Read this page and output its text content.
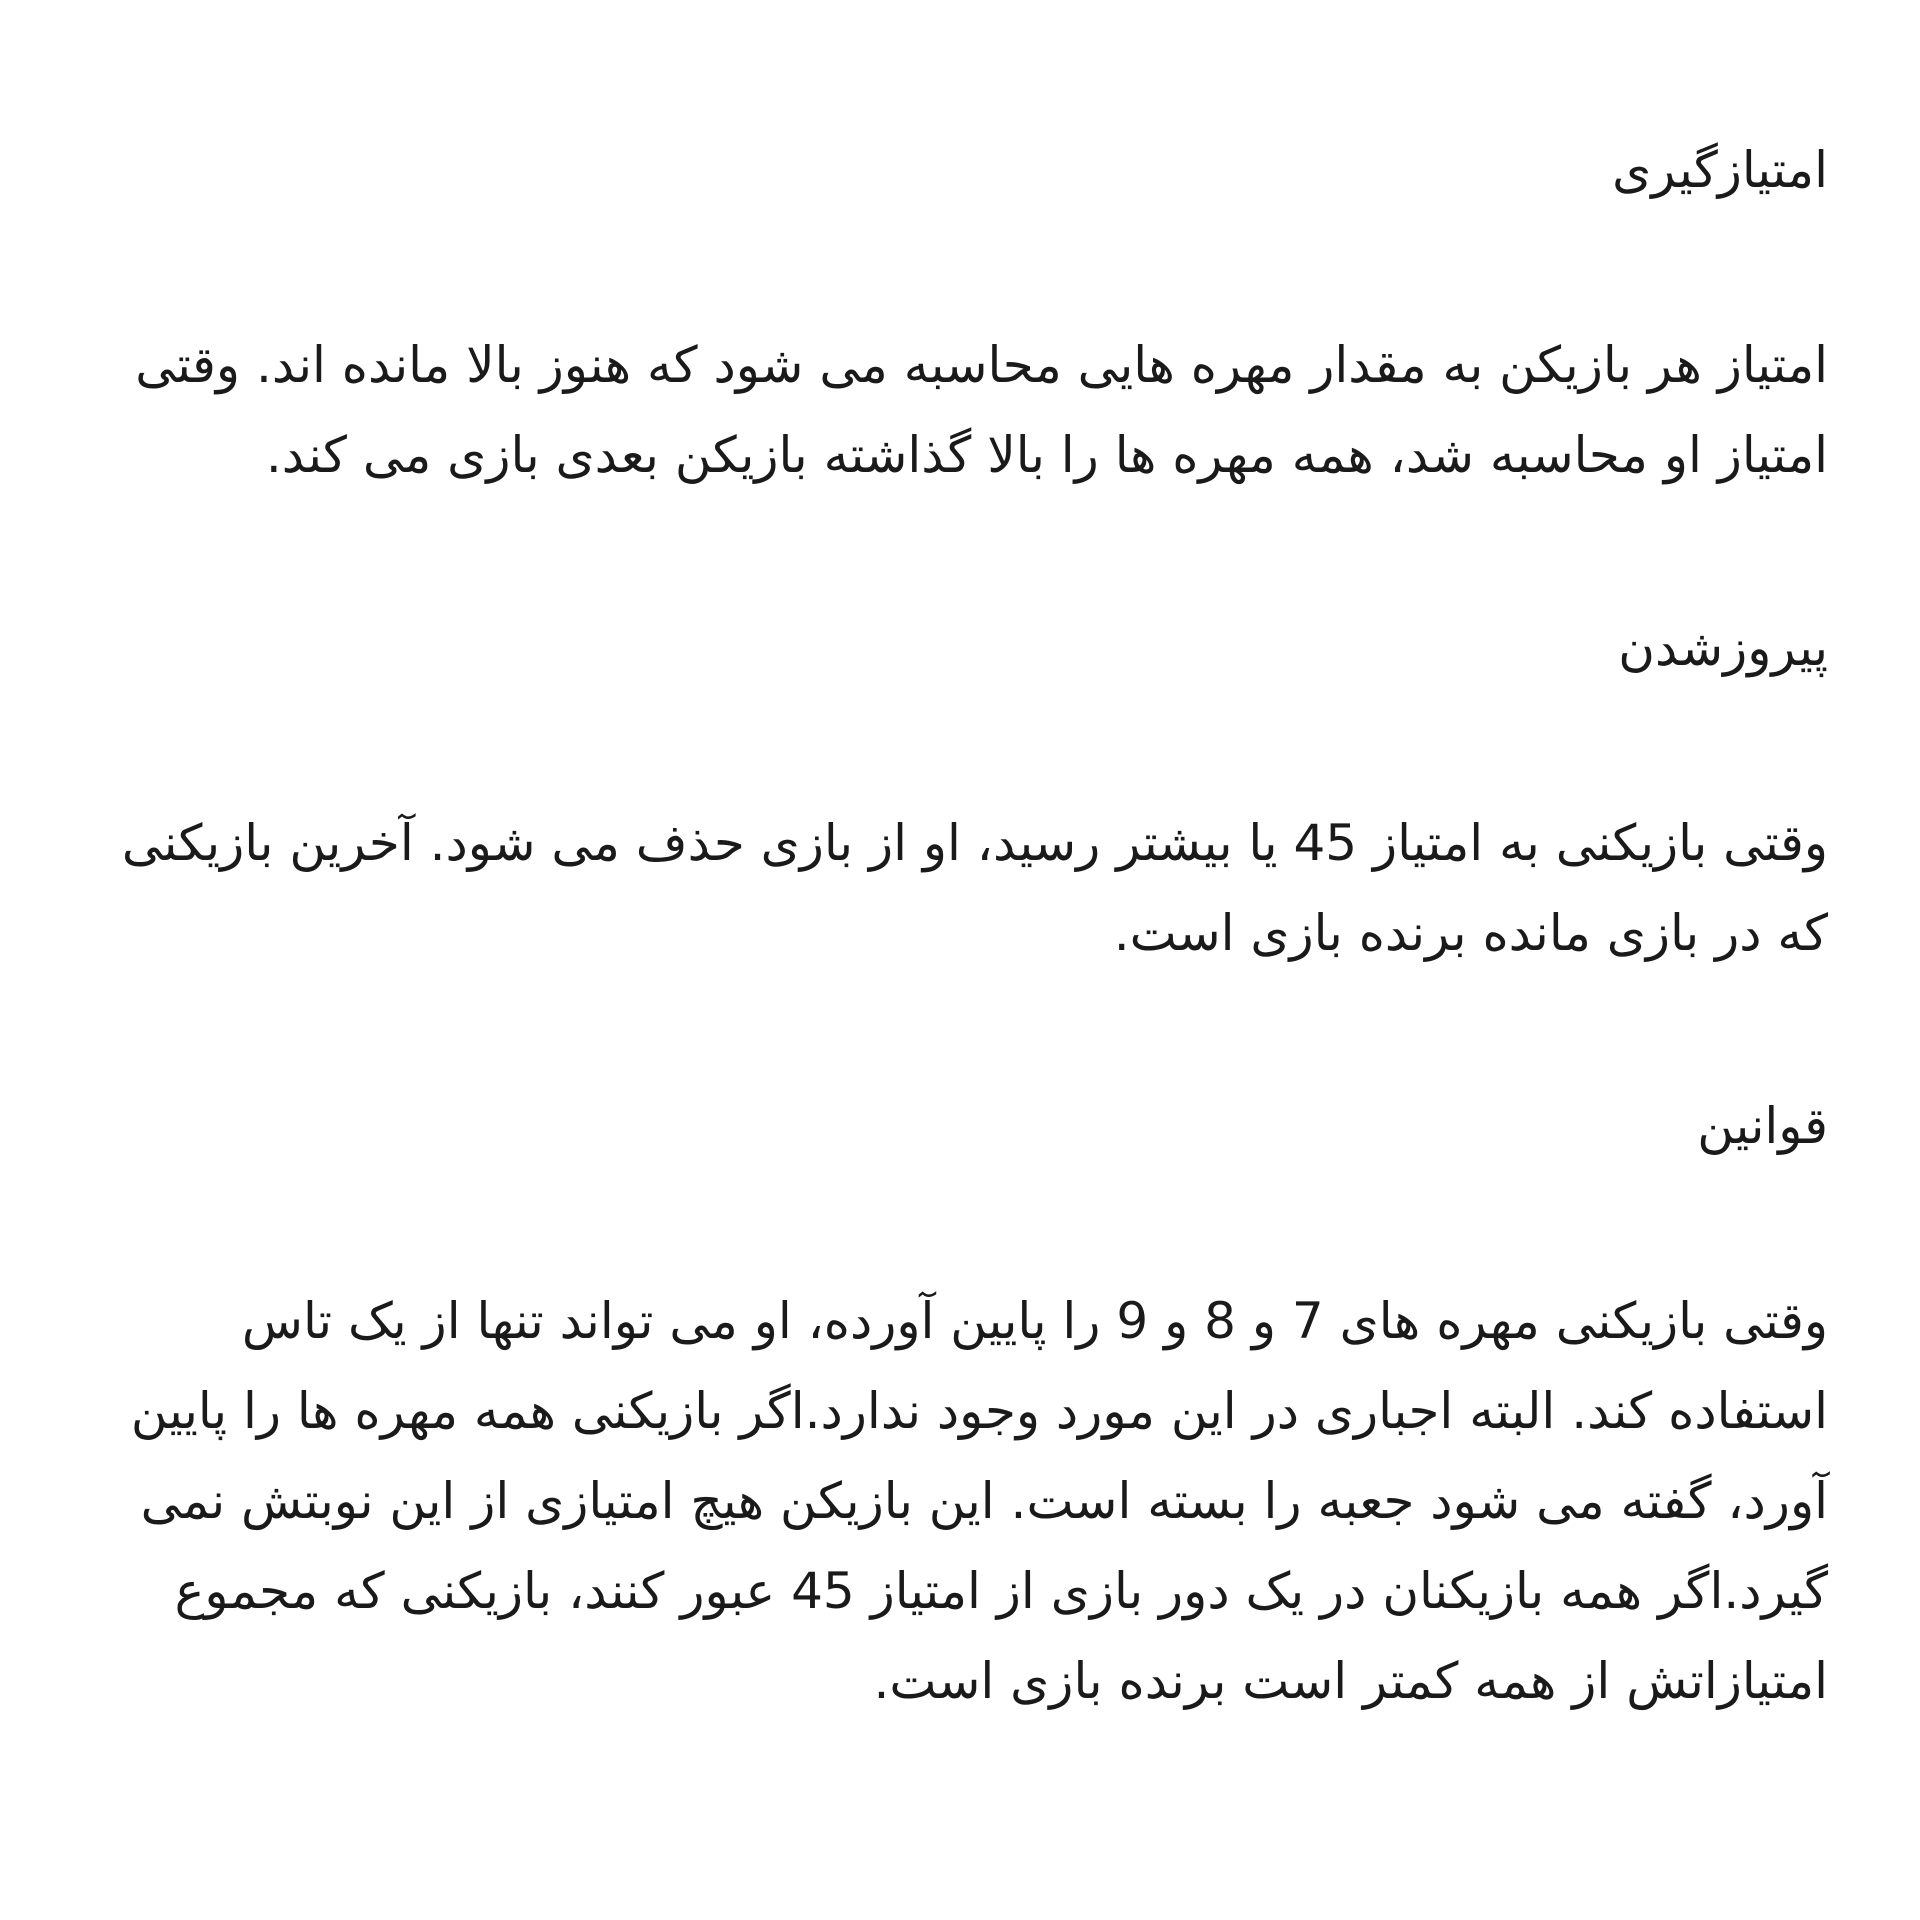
امتیازگیری

امتیاز هر بازیکن به مقدار مهره هایی محاسبه می شود که هنوز بالا مانده اند. وقتی امتیاز او محاسبه شد، همه مهره ها را بالا گذاشته بازیکن بعدی بازی می کند.

پیروزشدن

وقتی بازیکنی به امتیاز 45 یا بیشتر رسید، او از بازی حذف می شود. آخرین بازیکنی که در بازی مانده برنده بازی است.

قوانین

وقتی بازیکنی مهره های 7 و 8 و 9 را پایین آورده، او می تواند تنها از یک تاس استفاده کند. البته اجباری در این مورد وجود ندارد.اگر بازیکنی همه مهره ها را پایین آورد، گفته می شود جعبه را بسته است. این بازیکن هیچ امتیازی از این نوبتش نمی گیرد.اگر همه بازیکنان در یک دور بازی از امتیاز 45 عبور کنند، بازیکنی که مجموع امتیازاتش از همه کمتر است برنده بازی است.
